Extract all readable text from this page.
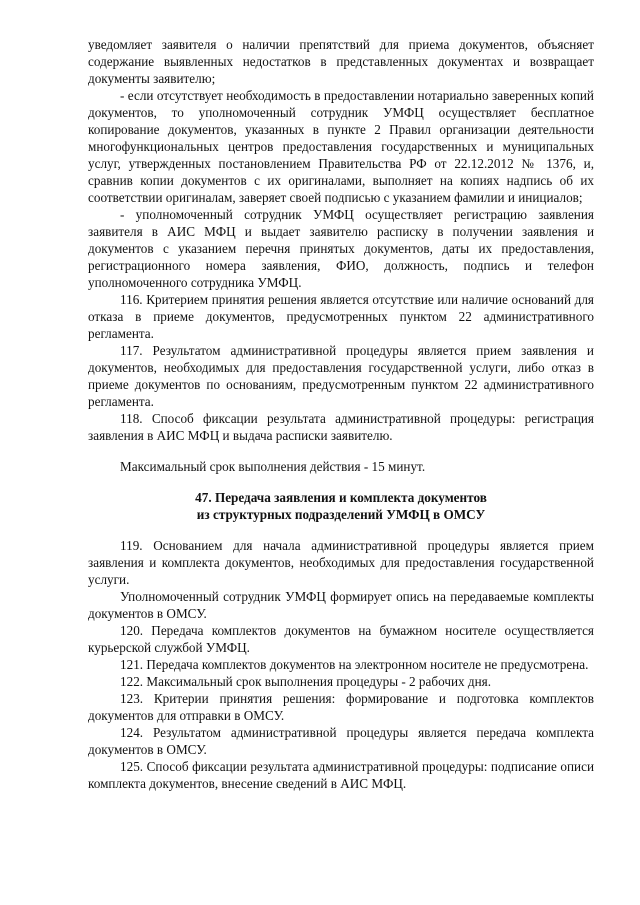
уведомляет заявителя о наличии препятствий для приема документов, объясняет содержание выявленных недостатков в представленных документах и возвращает документы заявителю;

- если отсутствует необходимость в предоставлении нотариально заверенных копий документов, то уполномоченный сотрудник УМФЦ осуществляет бесплатное копирование документов, указанных в пункте 2 Правил организации деятельности многофункциональных центров предоставления государственных и муниципальных услуг, утвержденных постановлением Правительства РФ от 22.12.2012 № 1376, и, сравнив копии документов с их оригиналами, выполняет на копиях надпись об их соответствии оригиналам, заверяет своей подписью с указанием фамилии и инициалов;

- уполномоченный сотрудник УМФЦ осуществляет регистрацию заявления заявителя в АИС МФЦ и выдает заявителю расписку в получении заявления и документов с указанием перечня принятых документов, даты их предоставления, регистрационного номера заявления, ФИО, должность, подпись и телефон уполномоченного сотрудника УМФЦ.

116. Критерием принятия решения является отсутствие или наличие оснований для отказа в приеме документов, предусмотренных пунктом 22 административного регламента.

117. Результатом административной процедуры является прием заявления и документов, необходимых для предоставления государственной услуги, либо отказ в приеме документов по основаниям, предусмотренным пунктом 22 административного регламента.

118. Способ фиксации результата административной процедуры: регистрация заявления в АИС МФЦ и выдача расписки заявителю.

Максимальный срок выполнения действия - 15 минут.

47. Передача заявления и комплекта документов

из структурных подразделений УМФЦ в ОМСУ

119. Основанием для начала административной процедуры является прием заявления и комплекта документов, необходимых для предоставления государственной услуги.

Уполномоченный сотрудник УМФЦ формирует опись на передаваемые комплекты документов в ОМСУ.

120. Передача комплектов документов на бумажном носителе осуществляется курьерской службой УМФЦ.

121. Передача комплектов документов на электронном носителе не предусмотрена.

122. Максимальный срок выполнения процедуры - 2 рабочих дня.

123. Критерии принятия решения: формирование и подготовка комплектов документов для отправки в ОМСУ.

124. Результатом административной процедуры является передача комплекта документов в ОМСУ.

125. Способ фиксации результата административной процедуры: подписание описи комплекта документов, внесение сведений в АИС МФЦ.
